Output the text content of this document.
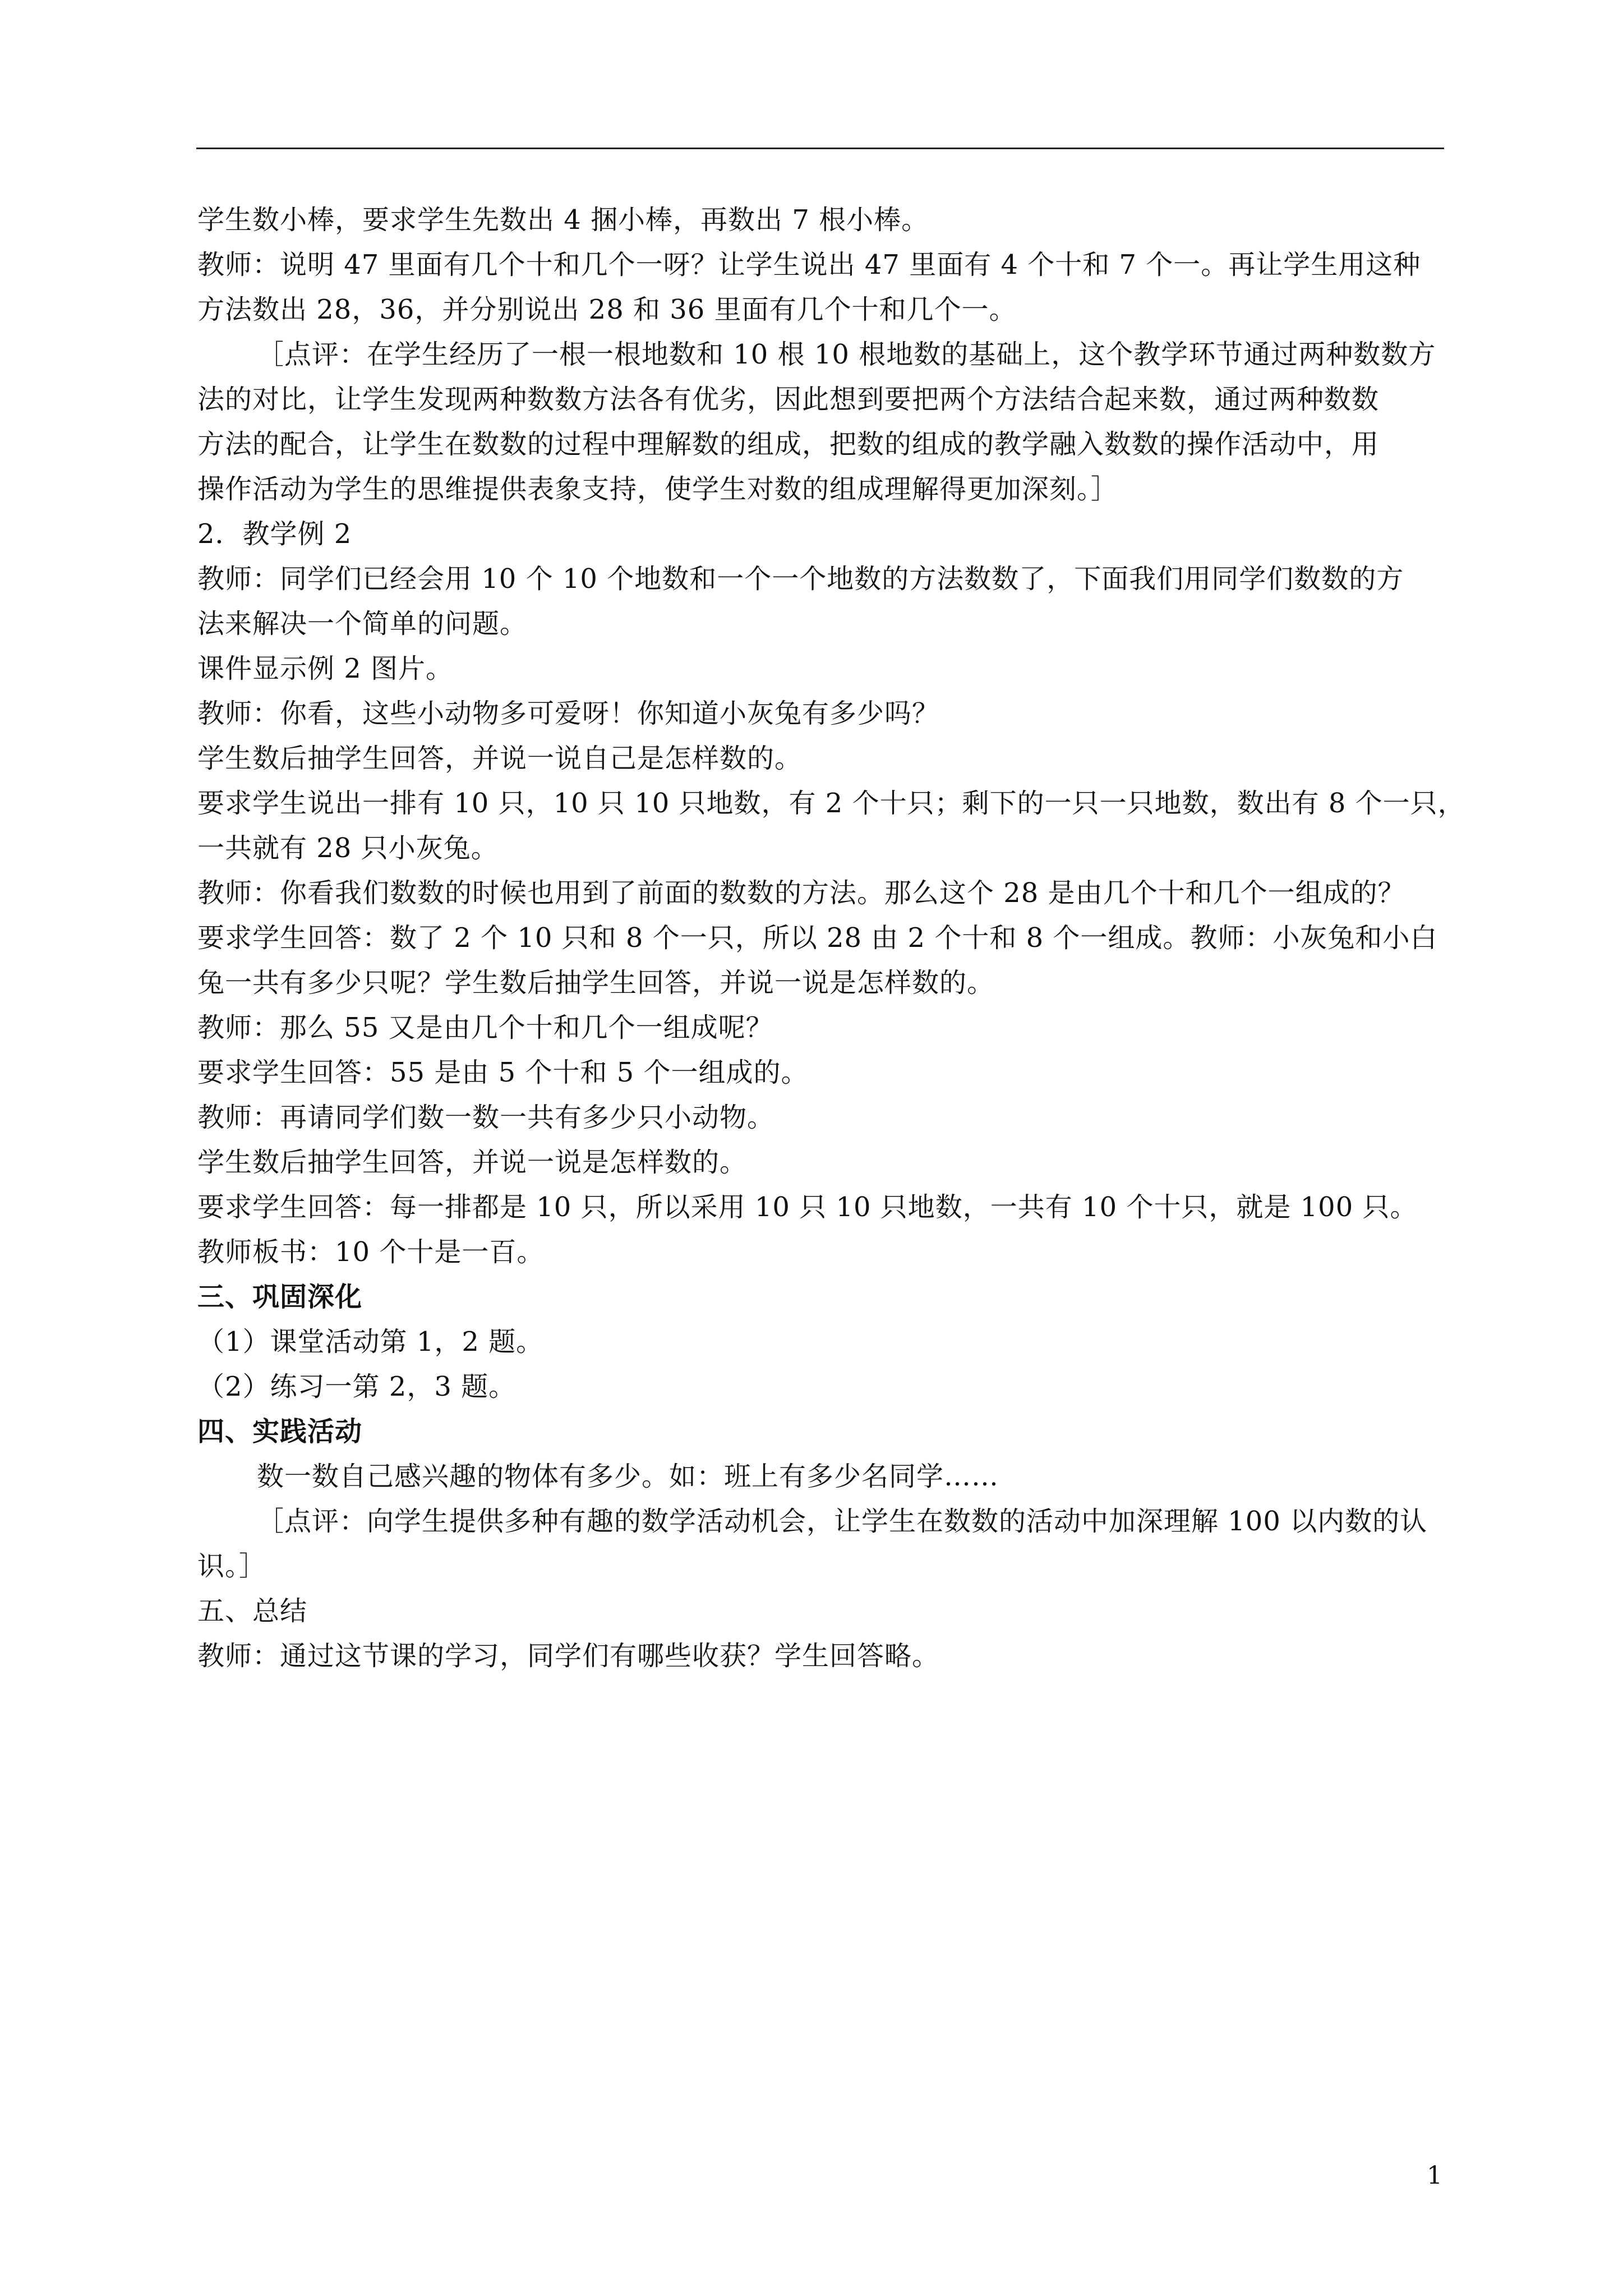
学生数小棒，要求学生先数出 4 捆小棒，再数出 7 根小棒。
教师：说明 47 里面有几个十和几个一呀？让学生说出 47 里面有 4 个十和 7 个一。再让学生用这种
方法数出 28，36，并分别说出 28 和 36 里面有几个十和几个一。
［点评：在学生经历了一根一根地数和 10 根 10 根地数的基础上，这个教学环节通过两种数数方
法的对比，让学生发现两种数数方法各有优劣，因此想到要把两个方法结合起来数，通过两种数数
方法的配合，让学生在数数的过程中理解数的组成，把数的组成的教学融入数数的操作活动中，用
操作活动为学生的思维提供表象支持，使学生对数的组成理解得更加深刻。］
2．教学例 2
教师：同学们已经会用 10 个 10 个地数和一个一个地数的方法数数了，下面我们用同学们数数的方
法来解决一个简单的问题。
课件显示例 2 图片。
教师：你看，这些小动物多可爱呀！你知道小灰兔有多少吗？
学生数后抽学生回答，并说一说自己是怎样数的。
要求学生说出一排有 10 只，10 只 10 只地数，有 2 个十只；剩下的一只一只地数，数出有 8 个一只，
一共就有 28 只小灰兔。
教师：你看我们数数的时候也用到了前面的数数的方法。那么这个 28 是由几个十和几个一组成的？
要求学生回答：数了 2 个 10 只和 8 个一只，所以 28 由 2 个十和 8 个一组成。教师：小灰兔和小白
兔一共有多少只呢？学生数后抽学生回答，并说一说是怎样数的。
教师：那么 55 又是由几个十和几个一组成呢？
要求学生回答：55 是由 5 个十和 5 个一组成的。
教师：再请同学们数一数一共有多少只小动物。
学生数后抽学生回答，并说一说是怎样数的。
要求学生回答：每一排都是 10 只，所以采用 10 只 10 只地数，一共有 10 个十只，就是 100 只。
教师板书：10 个十是一百。
三、巩固深化
（1）课堂活动第 1，2 题。
（2）练习一第 2，3 题。
四、实践活动
数一数自己感兴趣的物体有多少。如：班上有多少名同学……
［点评：向学生提供多种有趣的数学活动机会，让学生在数数的活动中加深理解 100 以内数的认
识。］
五、总结
教师：通过这节课的学习，同学们有哪些收获？学生回答略。
1
